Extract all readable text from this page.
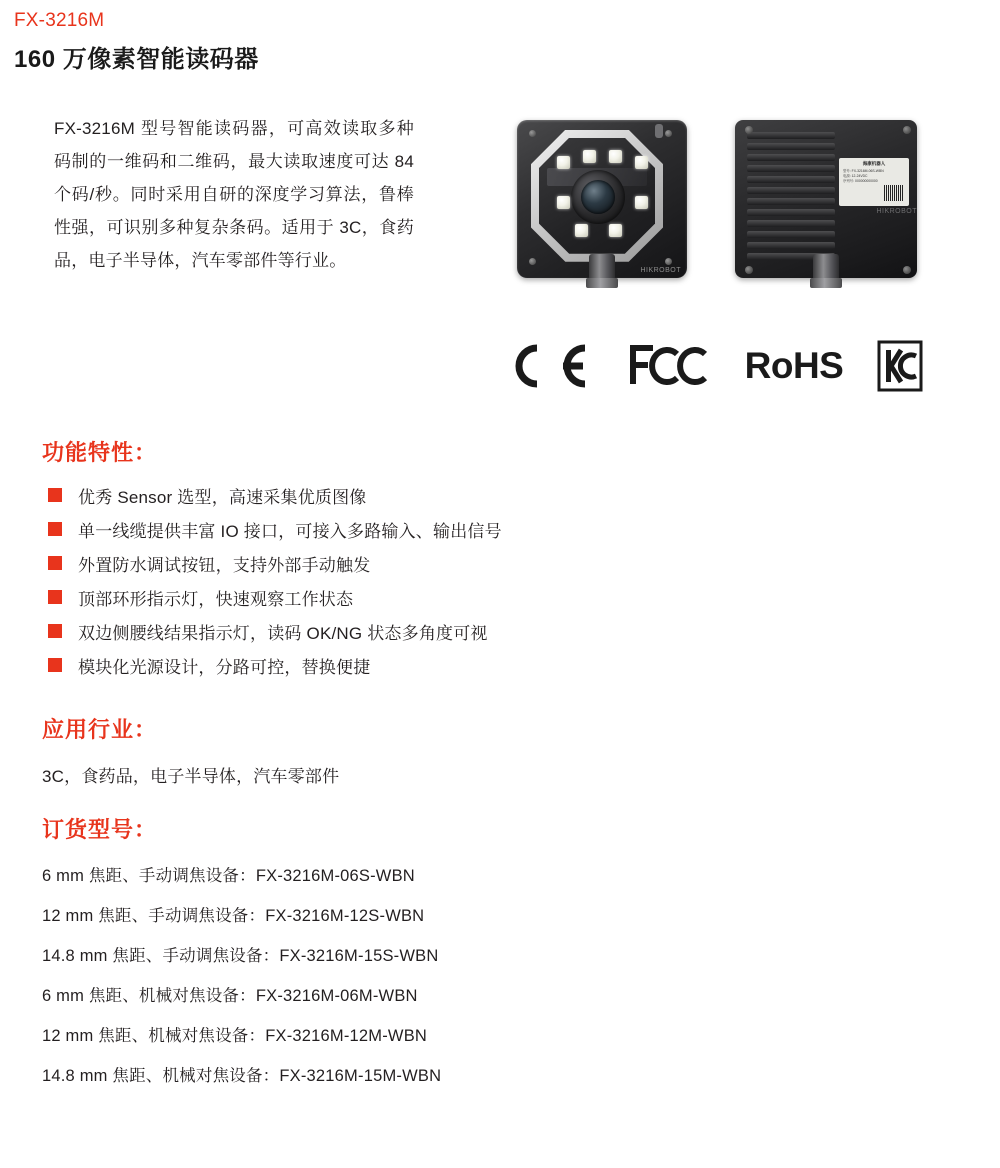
FX-3216M
160 万像素智能读码器
FX-3216M 型号智能读码器，可高效读取多种码制的一维码和二维码，最大读取速度可达 84 个码/秒。同时采用自研的深度学习算法，鲁棒性强，可识别多种复杂条码。适用于 3C，食药品，电子半导体，汽车零部件等行业。	HIKROBOT
海康机器人
型号: FX-3216M-06S-WBN
电源: 12-24VDC
序列号: 000000000000
HIKROBOT
RoHS
功能特性：
优秀 Sensor 选型，高速采集优质图像
单一线缆提供丰富 IO 接口，可接入多路输入、输出信号
外置防水调试按钮，支持外部手动触发
顶部环形指示灯，快速观察工作状态
双边侧腰线结果指示灯，读码 OK/NG 状态多角度可视
模块化光源设计，分路可控，替换便捷
应用行业：
3C，食药品，电子半导体，汽车零部件
订货型号：
6 mm 焦距、手动调焦设备：FX-3216M-06S-WBN
12 mm 焦距、手动调焦设备：FX-3216M-12S-WBN
14.8 mm 焦距、手动调焦设备：FX-3216M-15S-WBN
6 mm 焦距、机械对焦设备：FX-3216M-06M-WBN
12 mm 焦距、机械对焦设备：FX-3216M-12M-WBN
14.8 mm 焦距、机械对焦设备：FX-3216M-15M-WBN
